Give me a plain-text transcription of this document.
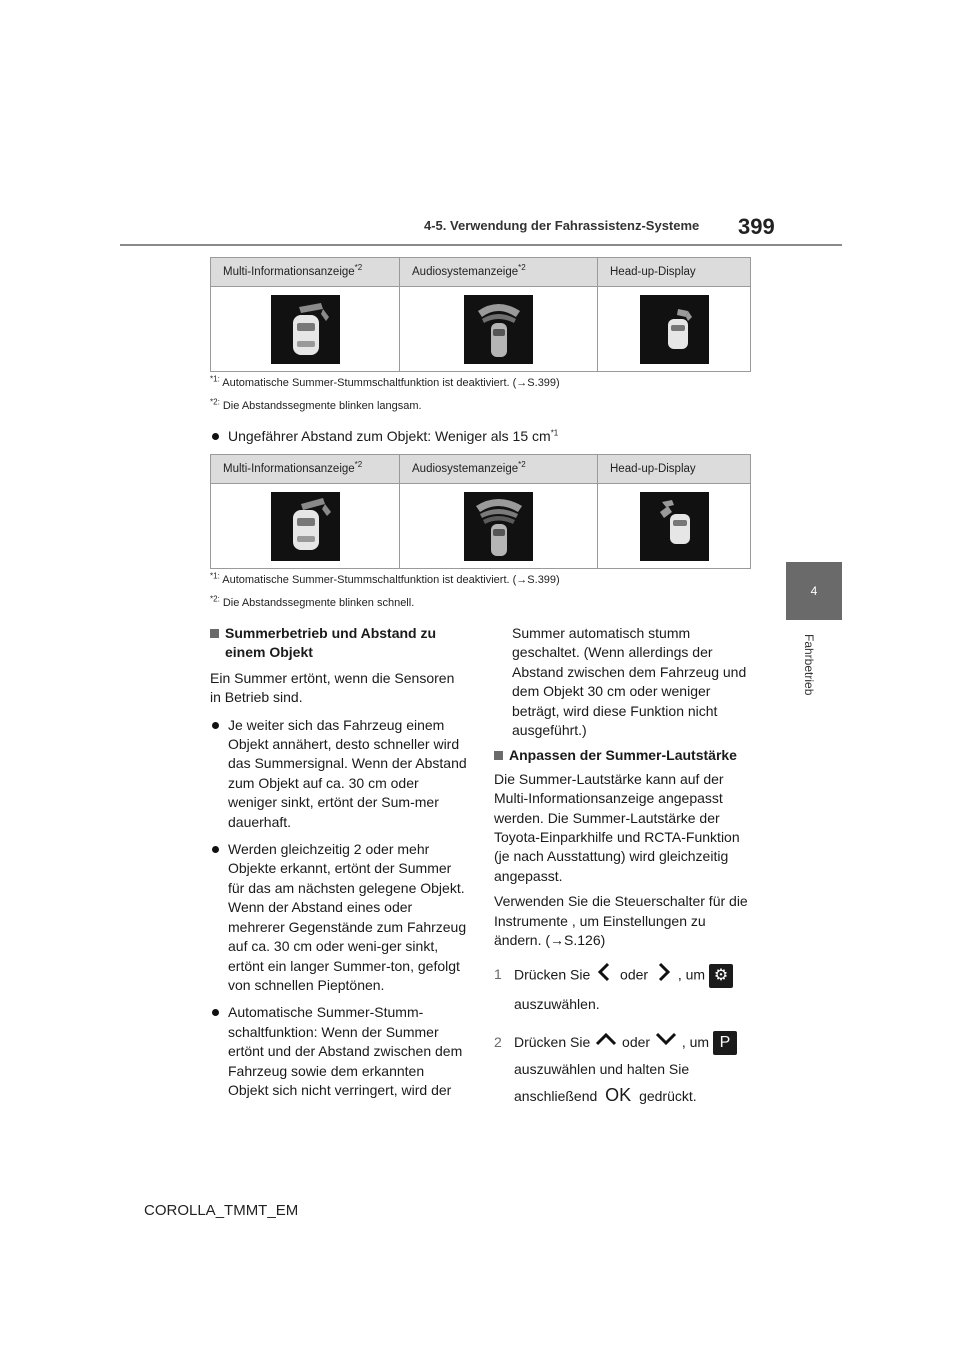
4-5. Verwendung der Fahrassistenz-Systeme 399
4
Fahrbetrieb
Multi-Informationsanzeige$^{*2}$	Audiosystemanzeige$^{*2}$	Head-up-Display

$^{*1:}$ Automatische Summer-Stummschaltfunktion ist deaktiviert. (→S.399)
$^{*2:}$ Die Abstandssegmente blinken langsam.
Ungefährer Abstand zum Objekt: Weniger als 15 $cm^{*1}$
Multi-Informationsanzeige$^{*2}$	Audiosystemanzeige$^{*2}$	Head-up-Display

$^{*1:}$ Automatische Summer-Stummschaltfunktion ist deaktiviert. (→S.399)
$^{*2:}$ Die Abstandssegmente blinken schnell.

Summerbetrieb und Abstand zu einem Objekt

Ein Summer ertönt, wenn die Sensoren in Betrieb sind.

Je weiter sich das Fahrzeug einem Objekt annähert, desto schneller wird das Summersignal. Wenn der Abstand zum Objekt auf ca. 30 cm oder weniger sinkt, ertönt der Sum-mer dauerhaft.

Werden gleichzeitig 2 oder mehr Objekte erkannt, ertönt der Summer für das am nächsten gelegene Objekt. Wenn der Abstand eines oder mehrerer Gegenstände zum Fahrzeug auf ca. 30 cm oder weni-ger sinkt, ertönt ein langer Summer-ton, gefolgt von schnellen Pieptönen.

Automatische Summer-Stumm-schaltfunktion: Wenn der Summer ertönt und der Abstand zwischen dem Fahrzeug sowie dem erkannten Objekt sich nicht verringert, wird der

Summer automatisch stumm geschaltet. (Wenn allerdings der Abstand zwischen dem Fahrzeug und dem Objekt 30 cm oder weniger beträgt, wird diese Funktion nicht ausgeführt.)

Anpassen der Summer-Lautstärke

Die Summer-Lautstärke kann auf der Multi-Informationsanzeige angepasst werden. Die Summer-Lautstärke der Toyota-Einparkhilfe und RCTA-Funktion (je nach Ausstattung) wird gleichzeitig angepasst.

Verwenden Sie die Steuerschalter für die Instrumente , um Einstellungen zu ändern. (→S.126)

1 Drücken Sie oder , um ⚙
auszuwählen.

2 Drücken Sie oder , um P
auszuwählen und halten Sie
anschließend OK gedrückt.

COROLLA_TMMT_EM
